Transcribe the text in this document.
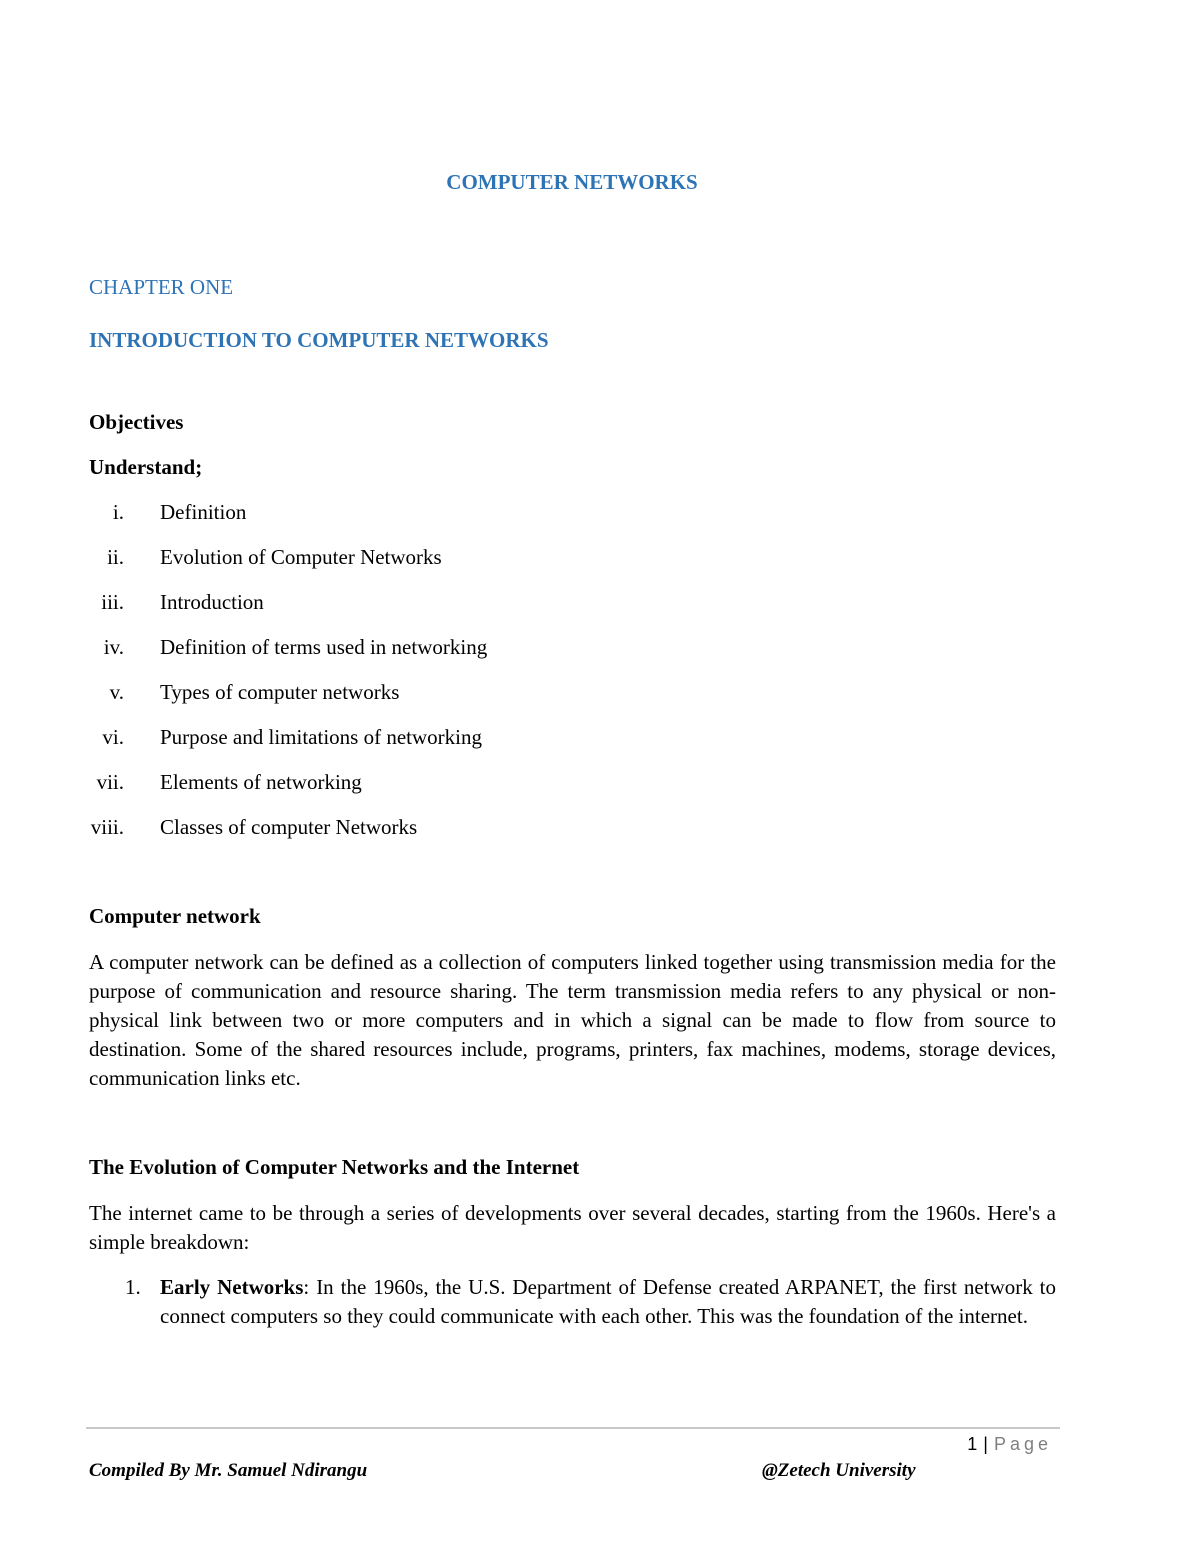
COMPUTER NETWORKS
CHAPTER ONE
INTRODUCTION TO COMPUTER NETWORKS
Objectives
Understand;
i. Definition
ii. Evolution of Computer Networks
iii. Introduction
iv. Definition of terms used in networking
v. Types of computer networks
vi. Purpose and limitations of networking
vii. Elements of networking
viii. Classes of computer Networks
Computer network

A computer network can be defined as a collection of computers linked together using transmission media for the purpose of communication and resource sharing. The term transmission media refers to any physical or non-physical link between two or more computers and in which a signal can be made to flow from source to destination. Some of the shared resources include, programs, printers, fax machines, modems, storage devices, communication links etc.

The Evolution of Computer Networks and the Internet

The internet came to be through a series of developments over several decades, starting from the 1960s. Here's a simple breakdown:

1. Early Networks: In the 1960s, the U.S. Department of Defense created ARPANET, the first network to connect computers so they could communicate with each other. This was the foundation of the internet.
1 | Page
Compiled By Mr. Samuel Ndirangu	@Zetech University
